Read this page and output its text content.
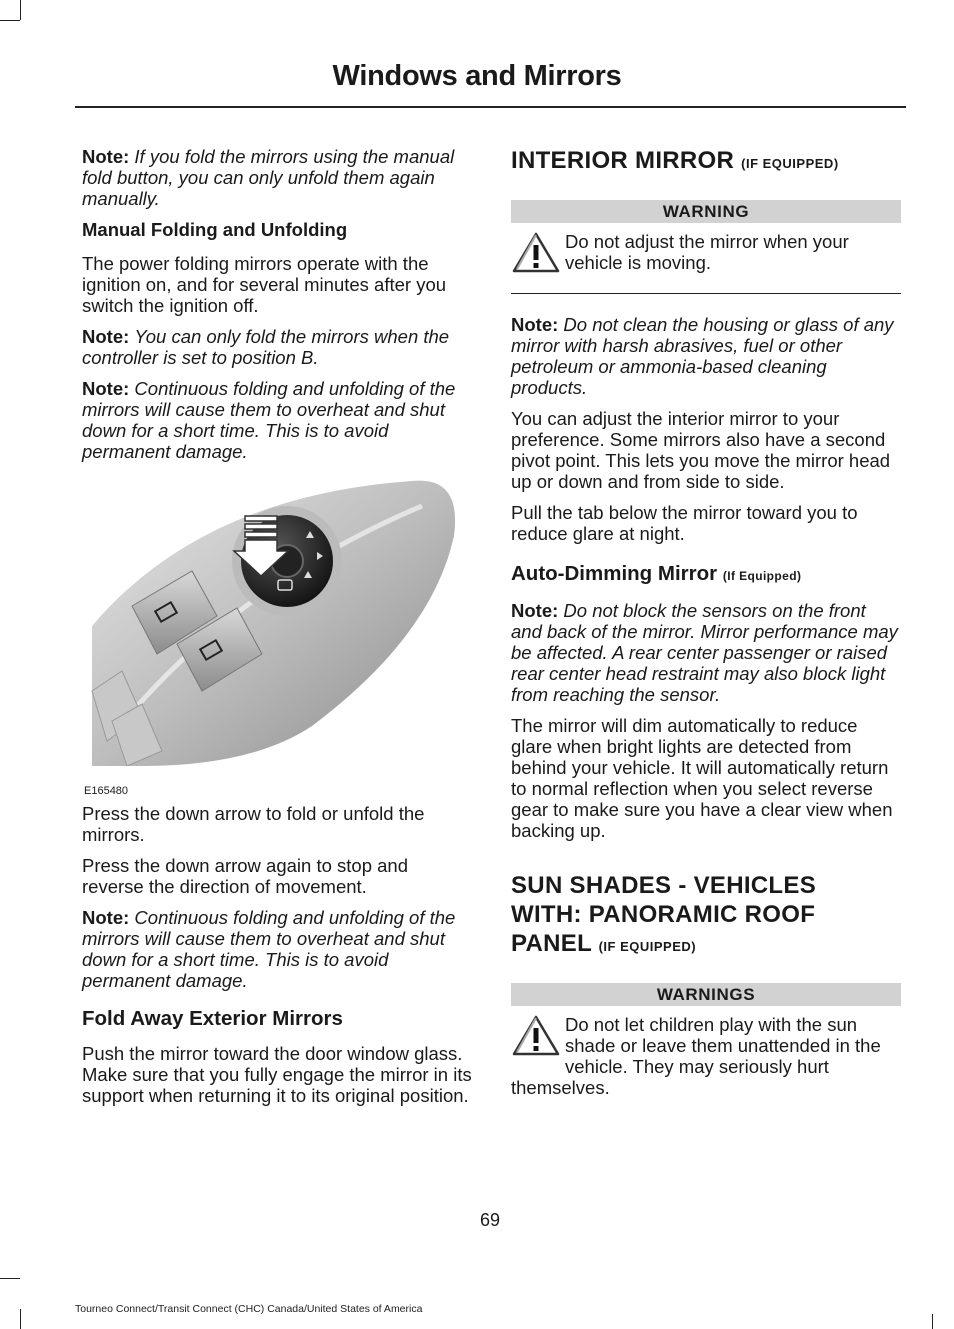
Windows and Mirrors

Note: If you fold the mirrors using the manual fold button, you can only unfold them again manually.

Manual Folding and Unfolding

The power folding mirrors operate with the ignition on, and for several minutes after you switch the ignition off.

Note: You can only fold the mirrors when the controller is set to position B.

Note: Continuous folding and unfolding of the mirrors will cause them to overheat and shut down for a short time. This is to avoid permanent damage.

E165480

Press the down arrow to fold or unfold the mirrors.

Press the down arrow again to stop and reverse the direction of movement.

Note: Continuous folding and unfolding of the mirrors will cause them to overheat and shut down for a short time. This is to avoid permanent damage.

Fold Away Exterior Mirrors

Push the mirror toward the door window glass. Make sure that you fully engage the mirror in its support when returning it to its original position.

INTERIOR MIRROR (IF EQUIPPED)
WARNING
Do not adjust the mirror when your vehicle is moving.

Note: Do not clean the housing or glass of any mirror with harsh abrasives, fuel or other petroleum or ammonia-based cleaning products.

You can adjust the interior mirror to your preference. Some mirrors also have a second pivot point. This lets you move the mirror head up or down and from side to side.

Pull the tab below the mirror toward you to reduce glare at night.

Auto-Dimming Mirror (If Equipped)

Note: Do not block the sensors on the front and back of the mirror. Mirror performance may be affected. A rear center passenger or raised rear center head restraint may also block light from reaching the sensor.

The mirror will dim automatically to reduce glare when bright lights are detected from behind your vehicle. It will automatically return to normal reflection when you select reverse gear to make sure you have a clear view when backing up.

SUN SHADES - VEHICLES
WITH: PANORAMIC ROOF
PANEL (IF EQUIPPED)
WARNINGS
Do not let children play with the sun shade or leave them unattended in the vehicle. They may seriously hurt themselves.
69
Tourneo Connect/Transit Connect (CHC) Canada/United States of America
